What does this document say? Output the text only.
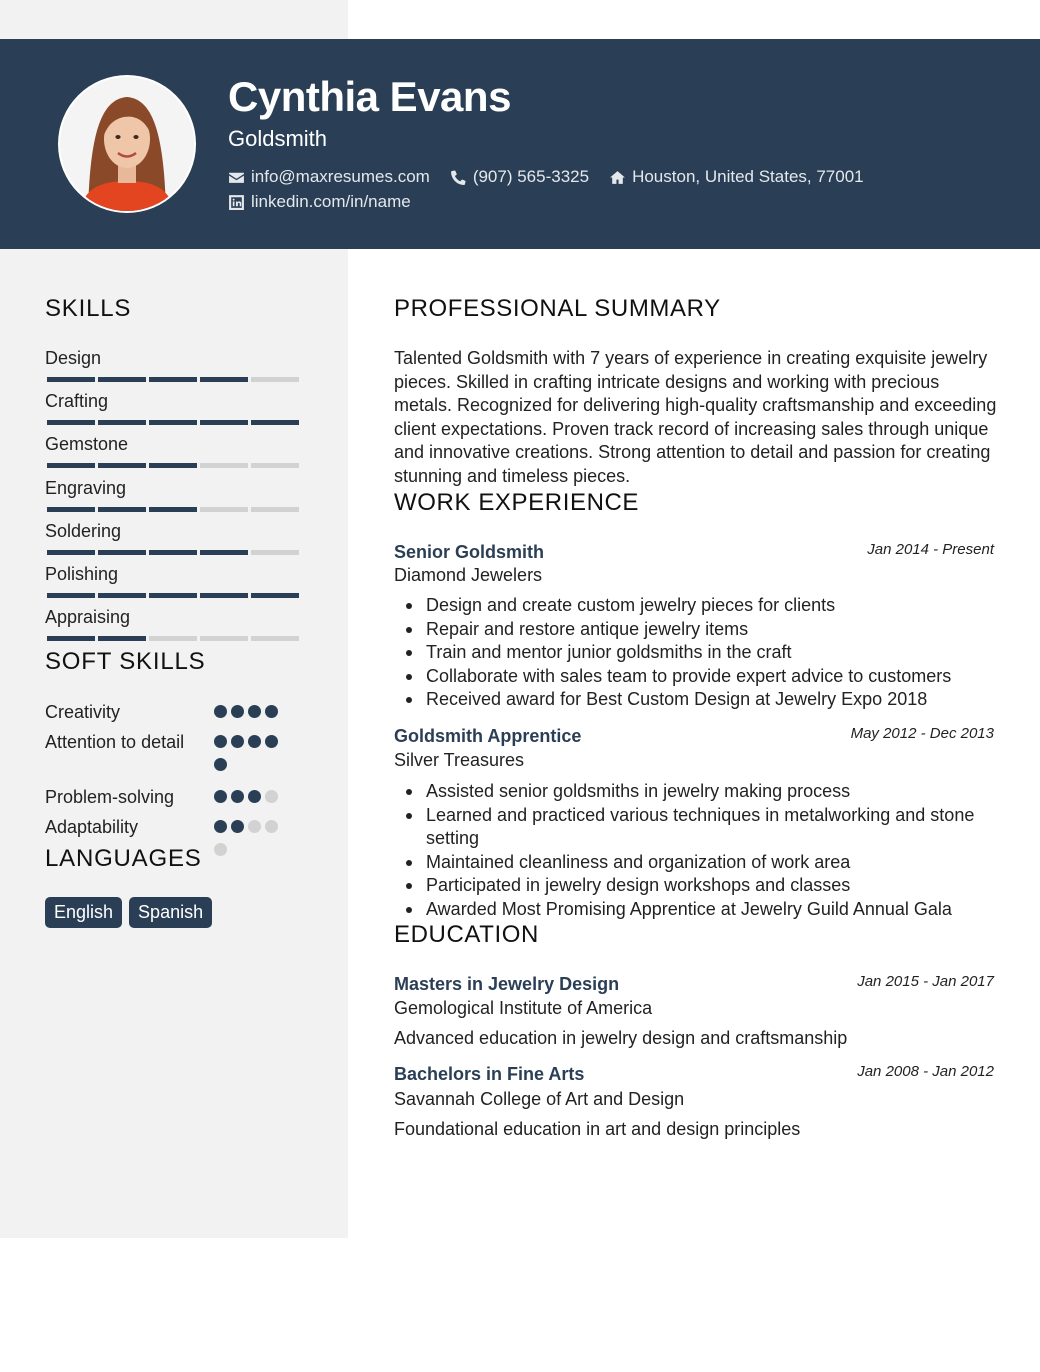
Cynthia Evans
Goldsmith
info@maxresumes.com	(907) 565-3325	Houston, United States, 77001
linkedin.com/in/name
SKILLS
Design
Crafting
Gemstone
Engraving
Soldering
Polishing
Appraising
SOFT SKILLS
Creativity
Attention to detail
Problem-solving
Adaptability
LANGUAGES
English	Spanish
PROFESSIONAL SUMMARY

Talented Goldsmith with 7 years of experience in creating exquisite jewelry pieces. Skilled in crafting intricate designs and working with precious metals. Recognized for delivering high-quality craftsmanship and exceeding client expectations. Proven track record of increasing sales through unique and innovative creations. Strong attention to detail and passion for creating stunning and timeless pieces.

WORK EXPERIENCE
Senior Goldsmith	Jan 2014 - Present
Diamond Jewelers
Design and create custom jewelry pieces for clients
Repair and restore antique jewelry items
Train and mentor junior goldsmiths in the craft
Collaborate with sales team to provide expert advice to customers
Received award for Best Custom Design at Jewelry Expo 2018
Goldsmith Apprentice	May 2012 - Dec 2013
Silver Treasures
Assisted senior goldsmiths in jewelry making process
Learned and practiced various techniques in metalworking and stone setting
Maintained cleanliness and organization of work area
Participated in jewelry design workshops and classes
Awarded Most Promising Apprentice at Jewelry Guild Annual Gala
EDUCATION
Masters in Jewelry Design	Jan 2015 - Jan 2017
Gemological Institute of America
Advanced education in jewelry design and craftsmanship
Bachelors in Fine Arts	Jan 2008 - Jan 2012
Savannah College of Art and Design
Foundational education in art and design principles
